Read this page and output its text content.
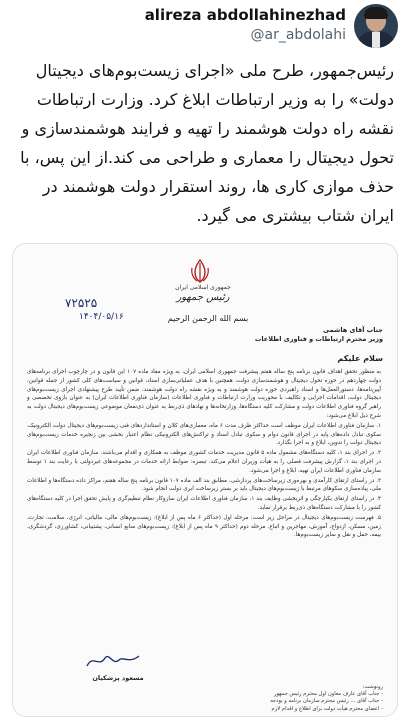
alireza abdollahinezhad
@ar_abdolahi
رئیس‌جمهور، طرح ملی «اجرای زیست‌بوم‌های دیجیتال دولت» را به وزیر ارتباطات ابلاغ کرد. وزارت ارتباطات نقشه راه دولت هوشمند را تهیه و فرایند هوشمندسازی و تحول دیجیتال را معماری و طراحی می کند.از این پس، با حذف موازی کاری ها، روند استقرار دولت هوشمند در ایران شتاب بیشتری می گیرد.
جمهوری اسلامی ایران
رئیس جمهور
۷۲۵۲۵
۱۴۰۴/۰۵/۱۶	بسم الله الرحمن الرحیم
جناب آقای هاشمی
وزیر محترم ارتباطات و فناوری اطلاعات
سلام علیکم

به منظور تحقق اهداف قانون برنامه پنج ساله هفتم پیشرفت جمهوری اسلامی ایران، به ویژه مفاد ماده ۱۰۷ این قانون و در چارچوب اجرای برنامه‌های دولت چهاردهم در حوزه تحول دیجیتال و هوشمندسازی دولت، همچنین با هدف عملیاتی‌سازی اسناد، قوانین و سیاست‌های کلی کشور از جمله قوانین، آیین‌نامه‌ها، دستورالعمل‌ها و اسناد راهبردی حوزه دولت هوشمند و به ویژه نقشه راه دولت هوشمند، ضمن تأیید طرح پیشنهادی اجرای زیست‌بوم‌های دیجیتال دولت، اقدامات اجرایی و تکالیف با محوریت وزارت ارتباطات و فناوری اطلاعات (سازمان فناوری اطلاعات ایران) به عنوان بازوی تخصصی و راهبر گروه فناوری اطلاعات دولت و مشارکت کلیه دستگاه‌ها، وزارتخانه‌ها و نهادهای ذی‌ربط به عنوان ذی‌نفعان موضوعی زیست‌بوم‌های دیجیتال دولت به شرح ذیل ابلاغ می‌شود:

۱. سازمان فناوری اطلاعات ایران موظف است حداکثر ظرف مدت ۶ ماه، معماری‌های کلان و استانداردهای فنی زیست‌بوم‌های دیجیتال دولت الکترونیک، سکوی تبادل داده‌های پایه در اجرای قانون دوام و سکوی تبادل اسناد و تراکنش‌های الکترونیکی نظام اعتبار بخشی بین زنجیره خدمات زیست‌بوم‌های دیجیتال دولت را تدوین، ابلاغ و به اجرا بگذارد.

۲. در اجرای بند ۱، کلیه دستگاه‌های مشمول ماده ۵ قانون مدیریت خدمات کشوری موظف به همکاری و اقدام می‌باشند. سازمان فناوری اطلاعات ایران در اجرای بند ۱، گزارش پیشرفت فصلی را به هیأت وزیران اعلام می‌کند. تبصره: ضوابط ارائه خدمات در مجموعه‌های غیردولتی با رعایت بند ۱ توسط سازمان فناوری اطلاعات ایران تهیه، ابلاغ و اجرا می‌شود.

۳. در راستای ارتقای کارآمدی و بهره‌وری زیرساخت‌های پردازشی، مطابق بند الف ماده ۱۰۷ قانون برنامه پنج ساله هفتم، مراکز داده دستگاه‌ها و اطلاعات ملی، پیاده‌سازی سکوهای مرتبط با زیست‌بوم‌های دیجیتال باید بر بستر زیرساخت ابری دولت انجام شود.

۴. در راستای ارتقای یکپارچگی و اثربخشی وظایف بند ۱، سازمان فناوری اطلاعات ایران سازوکار نظام تنظیم‌گری و پایش تحقق اجرا در کلیه دستگاه‌های کشور را با مشارکت دستگاه‌های ذی‌ربط برقرار نماید.

۵. فهرست زیست‌بوم‌های دیجیتال در مراحل زیر است: مرحله اول (حداکثر ۶ ماه پس از ابلاغ): زیست‌بوم‌های مالی، مالیاتی، انرژی، سلامت، تجارت، زمین، مسکن، ازدواج، آموزش، مهاجرین و اتباع. مرحله دوم (حداکثر ۹ ماه پس از ابلاغ): زیست‌بوم‌های منابع انسانی، پشتیبانی، کشاورزی، گردشگری، بیمه، حمل و نقل و سایر زیست‌بوم‌ها.

مسعود پزشکیان
رونوشت:
- جناب آقای عارف معاون اول محترم رئیس جمهور
- جناب آقای ... رئیس محترم سازمان برنامه و بودجه
- اعضای محترم هیأت دولت برای اطلاع و اقدام لازم
